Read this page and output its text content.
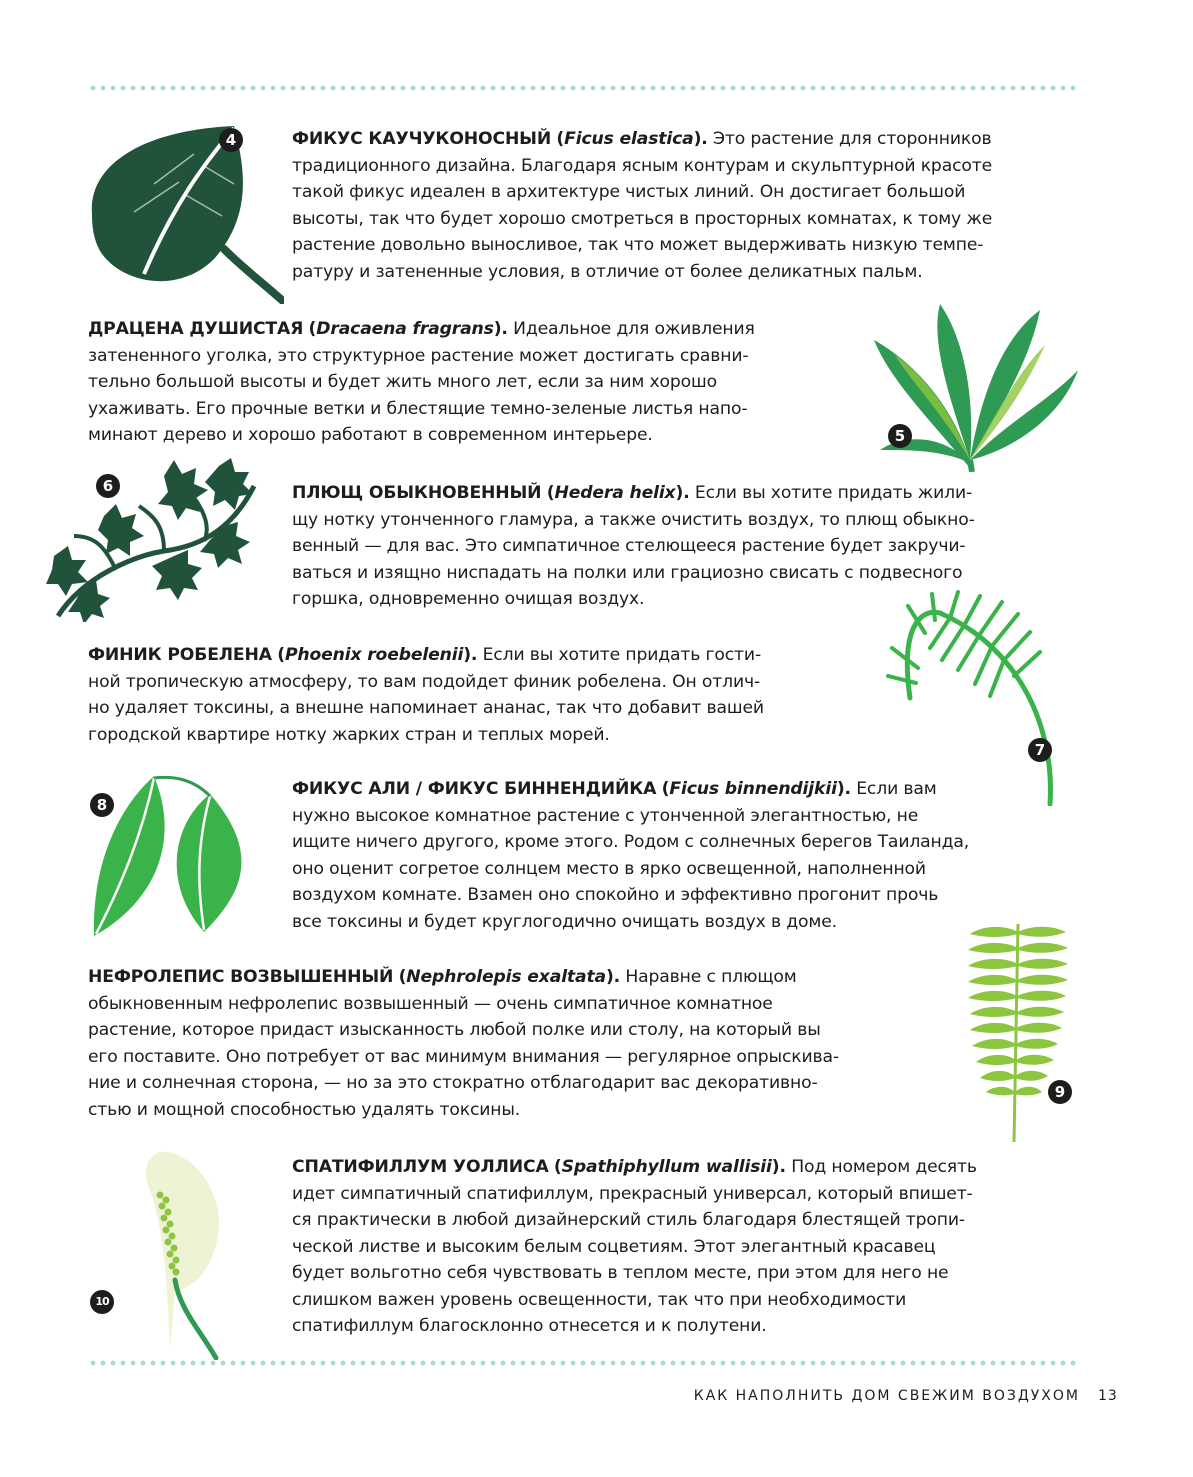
4	ФИКУС КАУЧУКОНОСНЫЙ (Ficus elastica). Это растение для сторонников
традиционного дизайна. Благодаря ясным контурам и скульптурной красоте
такой фикус идеален в архитектуре чистых линий. Он достигает большой
высоты, так что будет хорошо смотреться в просторных комнатах, к тому же
растение довольно выносливое, так что может выдерживать низкую темпе-
ратуру и затененные условия, в отличие от более деликатных пальм.

ДРАЦЕНА ДУШИСТАЯ (Dracaena fragrans). Идеальное для оживления
затененного уголка, это структурное растение может достигать сравни-
тельно большой высоты и будет жить много лет, если за ним хорошо
ухаживать. Его прочные ветки и блестящие темно-зеленые листья напо-
минают дерево и хорошо работают в современном интерьере.	5
6	ПЛЮЩ ОБЫКНОВЕННЫЙ (Hedera helix). Если вы хотите придать жили-
щу нотку утонченного гламура, а также очистить воздух, то плющ обыкно-
венный — для вас. Это симпатичное стелющееся растение будет закручи-
ваться и изящно ниспадать на полки или грациозно свисать с подвесного
горшка, одновременно очищая воздух.

ФИНИК РОБЕЛЕНА (Phoenix roebelenii). Если вы хотите придать гости-
ной тропическую атмосферу, то вам подойдет финик робелена. Он отлич-
но удаляет токсины, а внешне напоминает ананас, так что добавит вашей
городской квартире нотку жарких стран и теплых морей.

7
8

ФИКУС АЛИ / ФИКУС БИННЕНДИЙКА (Ficus binnendijkii). Если вам
нужно высокое комнатное растение с утонченной элегантностью, не
ищите ничего другого, кроме этого. Родом с солнечных берегов Таиланда,
оно оценит согретое солнцем место в ярко освещенной, наполненной
воздухом комнате. Взамен оно спокойно и эффективно прогонит прочь
все токсины и будет круглогодично очищать воздух в доме.

НЕФРОЛЕПИС ВОЗВЫШЕННЫЙ (Nephrolepis exaltata). Наравне с плющом
обыкновенным нефролепис возвышенный — очень симпатичное комнатное
растение, которое придаст изысканность любой полке или столу, на который вы
его поставите. Оно потребует от вас минимум внимания — регулярное опрыскива-
ние и солнечная сторона, — но за это стократно отблагодарит вас декоративно-
стью и мощной способностью удалять токсины.

9
10

СПАТИФИЛЛУМ УОЛЛИСА (Spathiphyllum wallisii). Под номером десять
идет симпатичный спатифиллум, прекрасный универсал, который впишет-
ся практически в любой дизайнерский стиль благодаря блестящей тропи-
ческой листве и высоким белым соцветиям. Этот элегантный красавец
будет вольготно себя чувствовать в теплом месте, при этом для него не
слишком важен уровень освещенности, так что при необходимости
спатифиллум благосклонно отнесется и к полутени.

КАК НАПОЛНИТЬ ДОМ СВЕЖИМ ВОЗДУХОМ 13
